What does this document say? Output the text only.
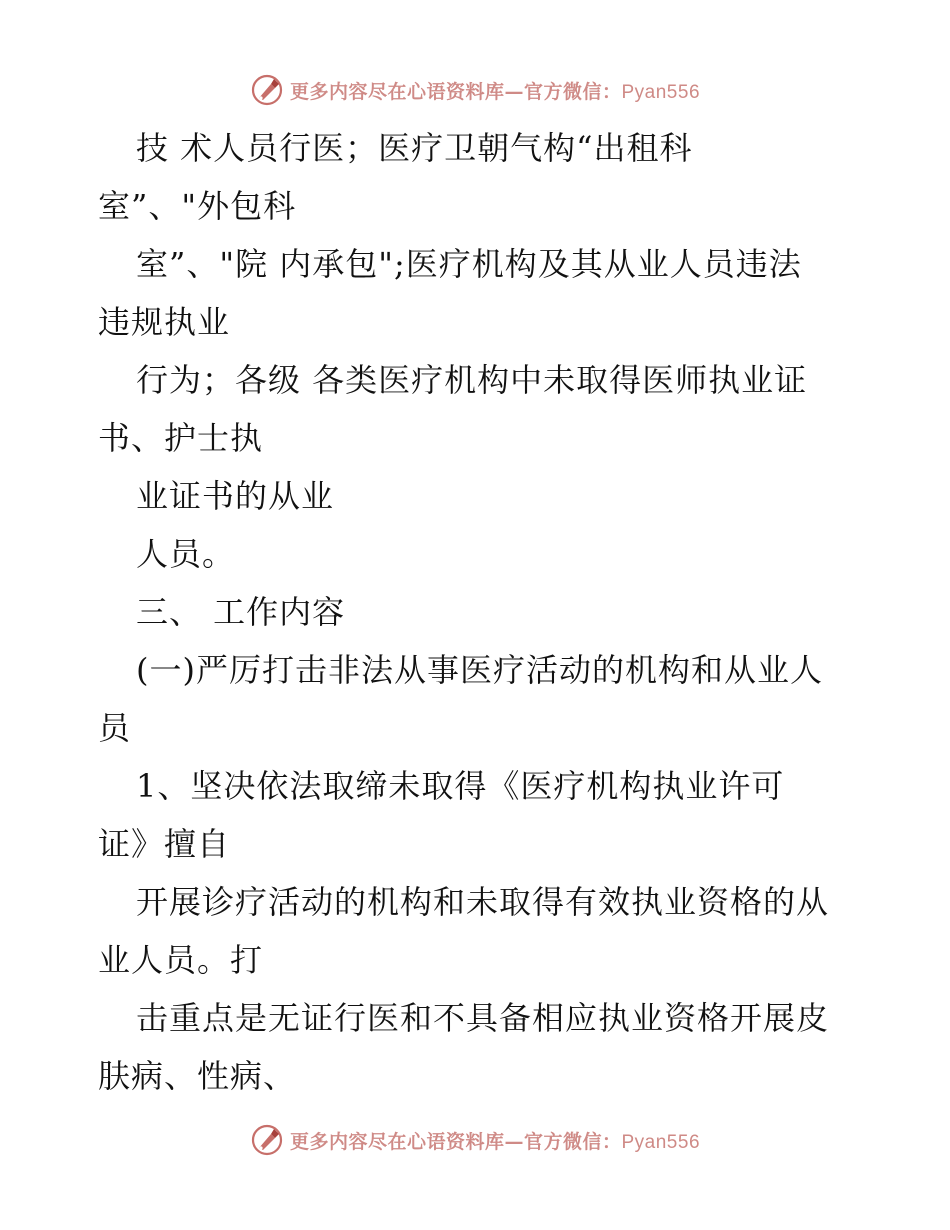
更多内容尽在心语资料库—官方微信：Pyan556
技 术人员行医；医疗卫朝气构“出租科
室”、"外包科
室”、"院 内承包";医疗机构及其从业人员违法
违规执业
行为；各级 各类医疗机构中未取得医师执业证
书、护士执
业证书的从业
人员。
三、 工作内容
(一)严厉打击非法从事医疗活动的机构和从业人
员
1、坚决依法取缔未取得《医疗机构执业许可
证》擅自
开展诊疗活动的机构和未取得有效执业资格的从
业人员。打
击重点是无证行医和不具备相应执业资格开展皮
肤病、性病、
更多内容尽在心语资料库—官方微信：Pyan556
